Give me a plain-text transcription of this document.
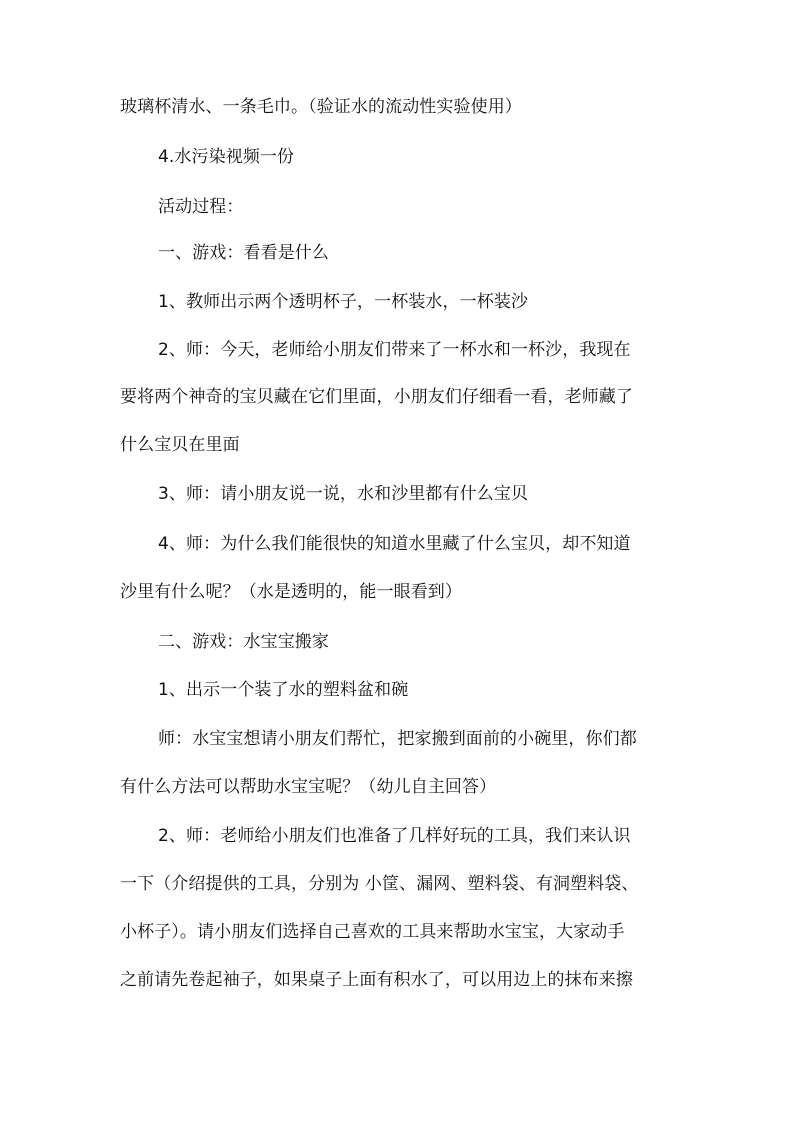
玻璃杯清水、一条毛巾。（验证水的流动性实验使用）
4.水污染视频一份
活动过程：
一、游戏：看看是什么
1、教师出示两个透明杯子，一杯装水，一杯装沙
2、师：今天，老师给小朋友们带来了一杯水和一杯沙，我现在
要将两个神奇的宝贝藏在它们里面，小朋友们仔细看一看，老师藏了
什么宝贝在里面
3、师：请小朋友说一说，水和沙里都有什么宝贝
4、师：为什么我们能很快的知道水里藏了什么宝贝，却不知道
沙里有什么呢？（水是透明的，能一眼看到）
二、游戏：水宝宝搬家
1、出示一个装了水的塑料盆和碗
师：水宝宝想请小朋友们帮忙，把家搬到面前的小碗里，你们都
有什么方法可以帮助水宝宝呢？（幼儿自主回答）
2、师：老师给小朋友们也准备了几样好玩的工具，我们来认识
一下（介绍提供的工具，分别为 小筐、漏网、塑料袋、有洞塑料袋、
小杯子）。请小朋友们选择自己喜欢的工具来帮助水宝宝，大家动手
之前请先卷起袖子，如果桌子上面有积水了，可以用边上的抹布来擦
